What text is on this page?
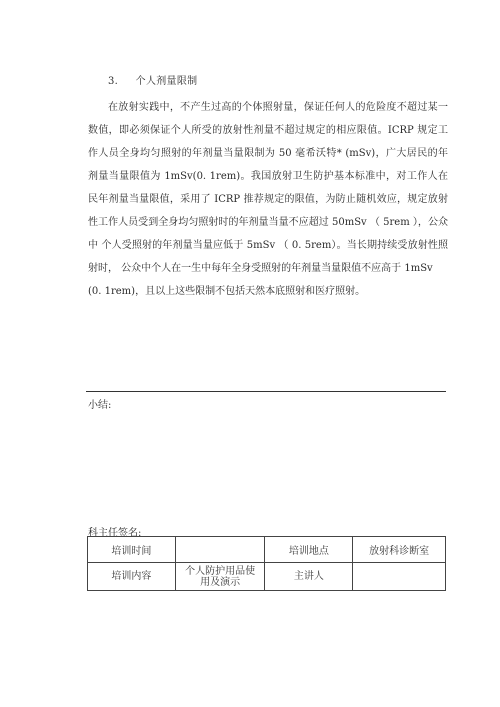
3. 个人剂量限制

在放射实践中，不产生过高的个体照射量，保证任何人的危险度不超过某一 数值，即必须保证个人所受的放射性剂量不超过规定的相应限值。ICRP 规定工 作人员全身均匀照射的年剂量当量限制为 50 毫希沃特* (mSv)，广大居民的年 剂量当量限值为 1mSv(0. 1rem)。我国放射卫生防护基本标准中，对工作人在 民年剂量当量限值，采用了 ICRP 推荐规定的限值，为防止随机效应，规定放射 性工作人员受到全身均匀照射时的年剂量当量不应超过 50mSv （ 5rem ），公众中 个人受照射的年剂量当量应低于 5mSv （ 0. 5rem）。当长期持续受放射性照射时， 公众中个人在一生中每年全身受照射的年剂量当量限值不应高于 1mSv

(0. 1rem)，且以上这些限制不包括天然本底照射和医疗照射。

小结:
科主任签名:
培训时间		培训地点	放射科诊断室
培训内容	个人防护用品使 用及演示	主讲人	
